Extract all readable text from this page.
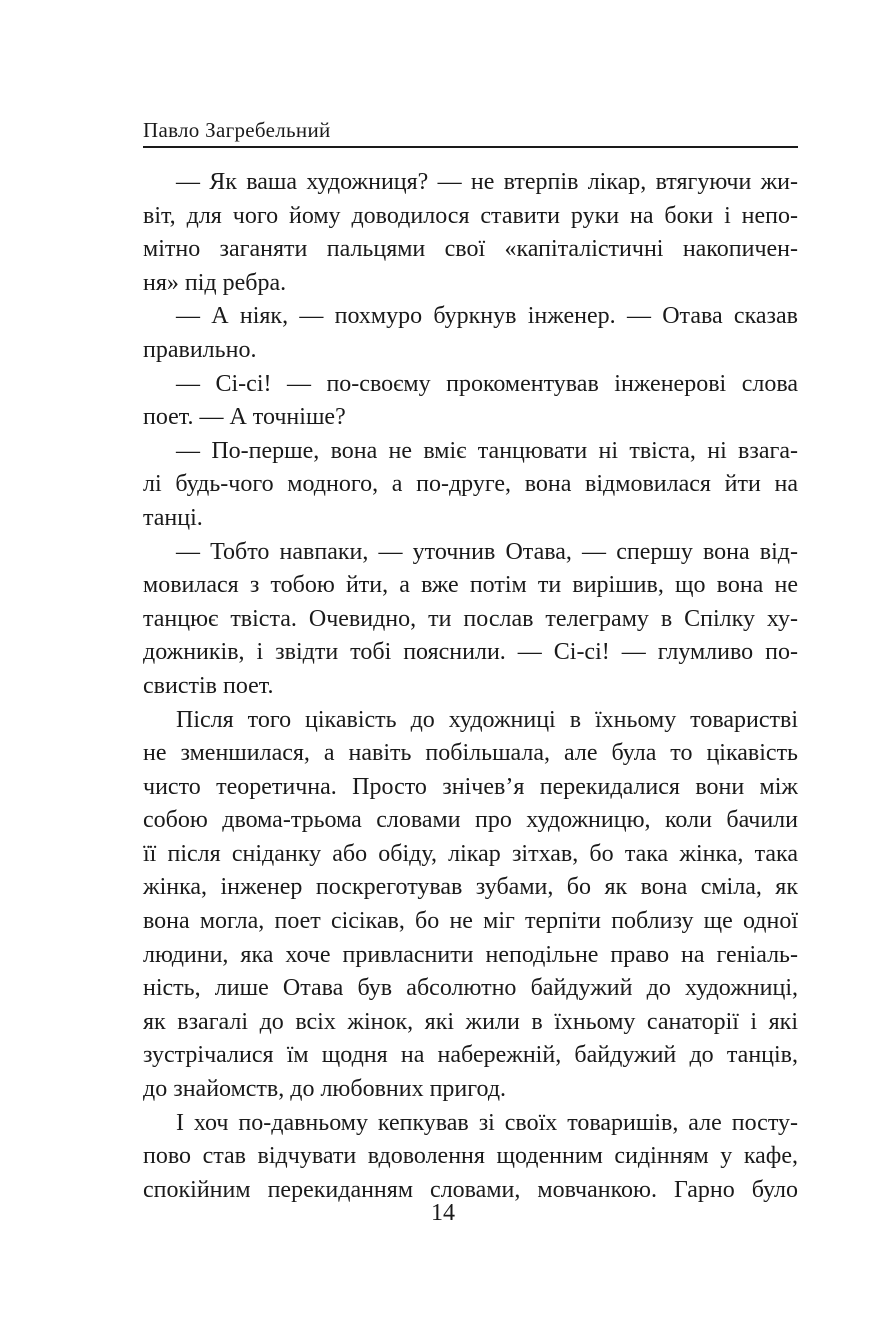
Павло Загребельний
— Як ваша художниця? — не втерпів лікар, втягуючи жи-
віт, для чого йому доводилося ставити руки на боки і непо-
мітно заганяти пальцями свої «капіталістичні накопичен-
ня» під ребра.
— А ніяк, — похмуро буркнув інженер. — Отава сказав
правильно.
— Сі-сі! — по-своєму прокоментував інженерові слова
поет. — А точніше?
— По-перше, вона не вміє танцювати ні твіста, ні взага-
лі будь-чого модного, а по-друге, вона відмовилася йти на
танці.
— Тобто навпаки, — уточнив Отава, — спершу вона від-
мовилася з тобою йти, а вже потім ти вирішив, що вона не
танцює твіста. Очевидно, ти послав телеграму в Спілку ху-
дожників, і звідти тобі пояснили. — Сі-сі! — глумливо по-
свистів поет.
Після того цікавість до художниці в їхньому товаристві
не зменшилася, а навіть побільшала, але була то цікавість
чисто теоретична. Просто знічев’я перекидалися вони між
собою двома-трьома словами про художницю, коли бачили
її після сніданку або обіду, лікар зітхав, бо така жінка, така
жінка, інженер поскреготував зубами, бо як вона сміла, як
вона могла, поет сісікав, бо не міг терпіти поблизу ще одної
людини, яка хоче привласнити неподільне право на геніаль-
ність, лише Отава був абсолютно байдужий до художниці,
як взагалі до всіх жінок, які жили в їхньому санаторії і які
зустрічалися їм щодня на набережній, байдужий до танців,
до знайомств, до любовних пригод.
І хоч по-давньому кепкував зі своїх товаришів, але посту-
пово став відчувати вдоволення щоденним сидінням у кафе,
спокійним перекиданням словами, мовчанкою. Гарно було
14
